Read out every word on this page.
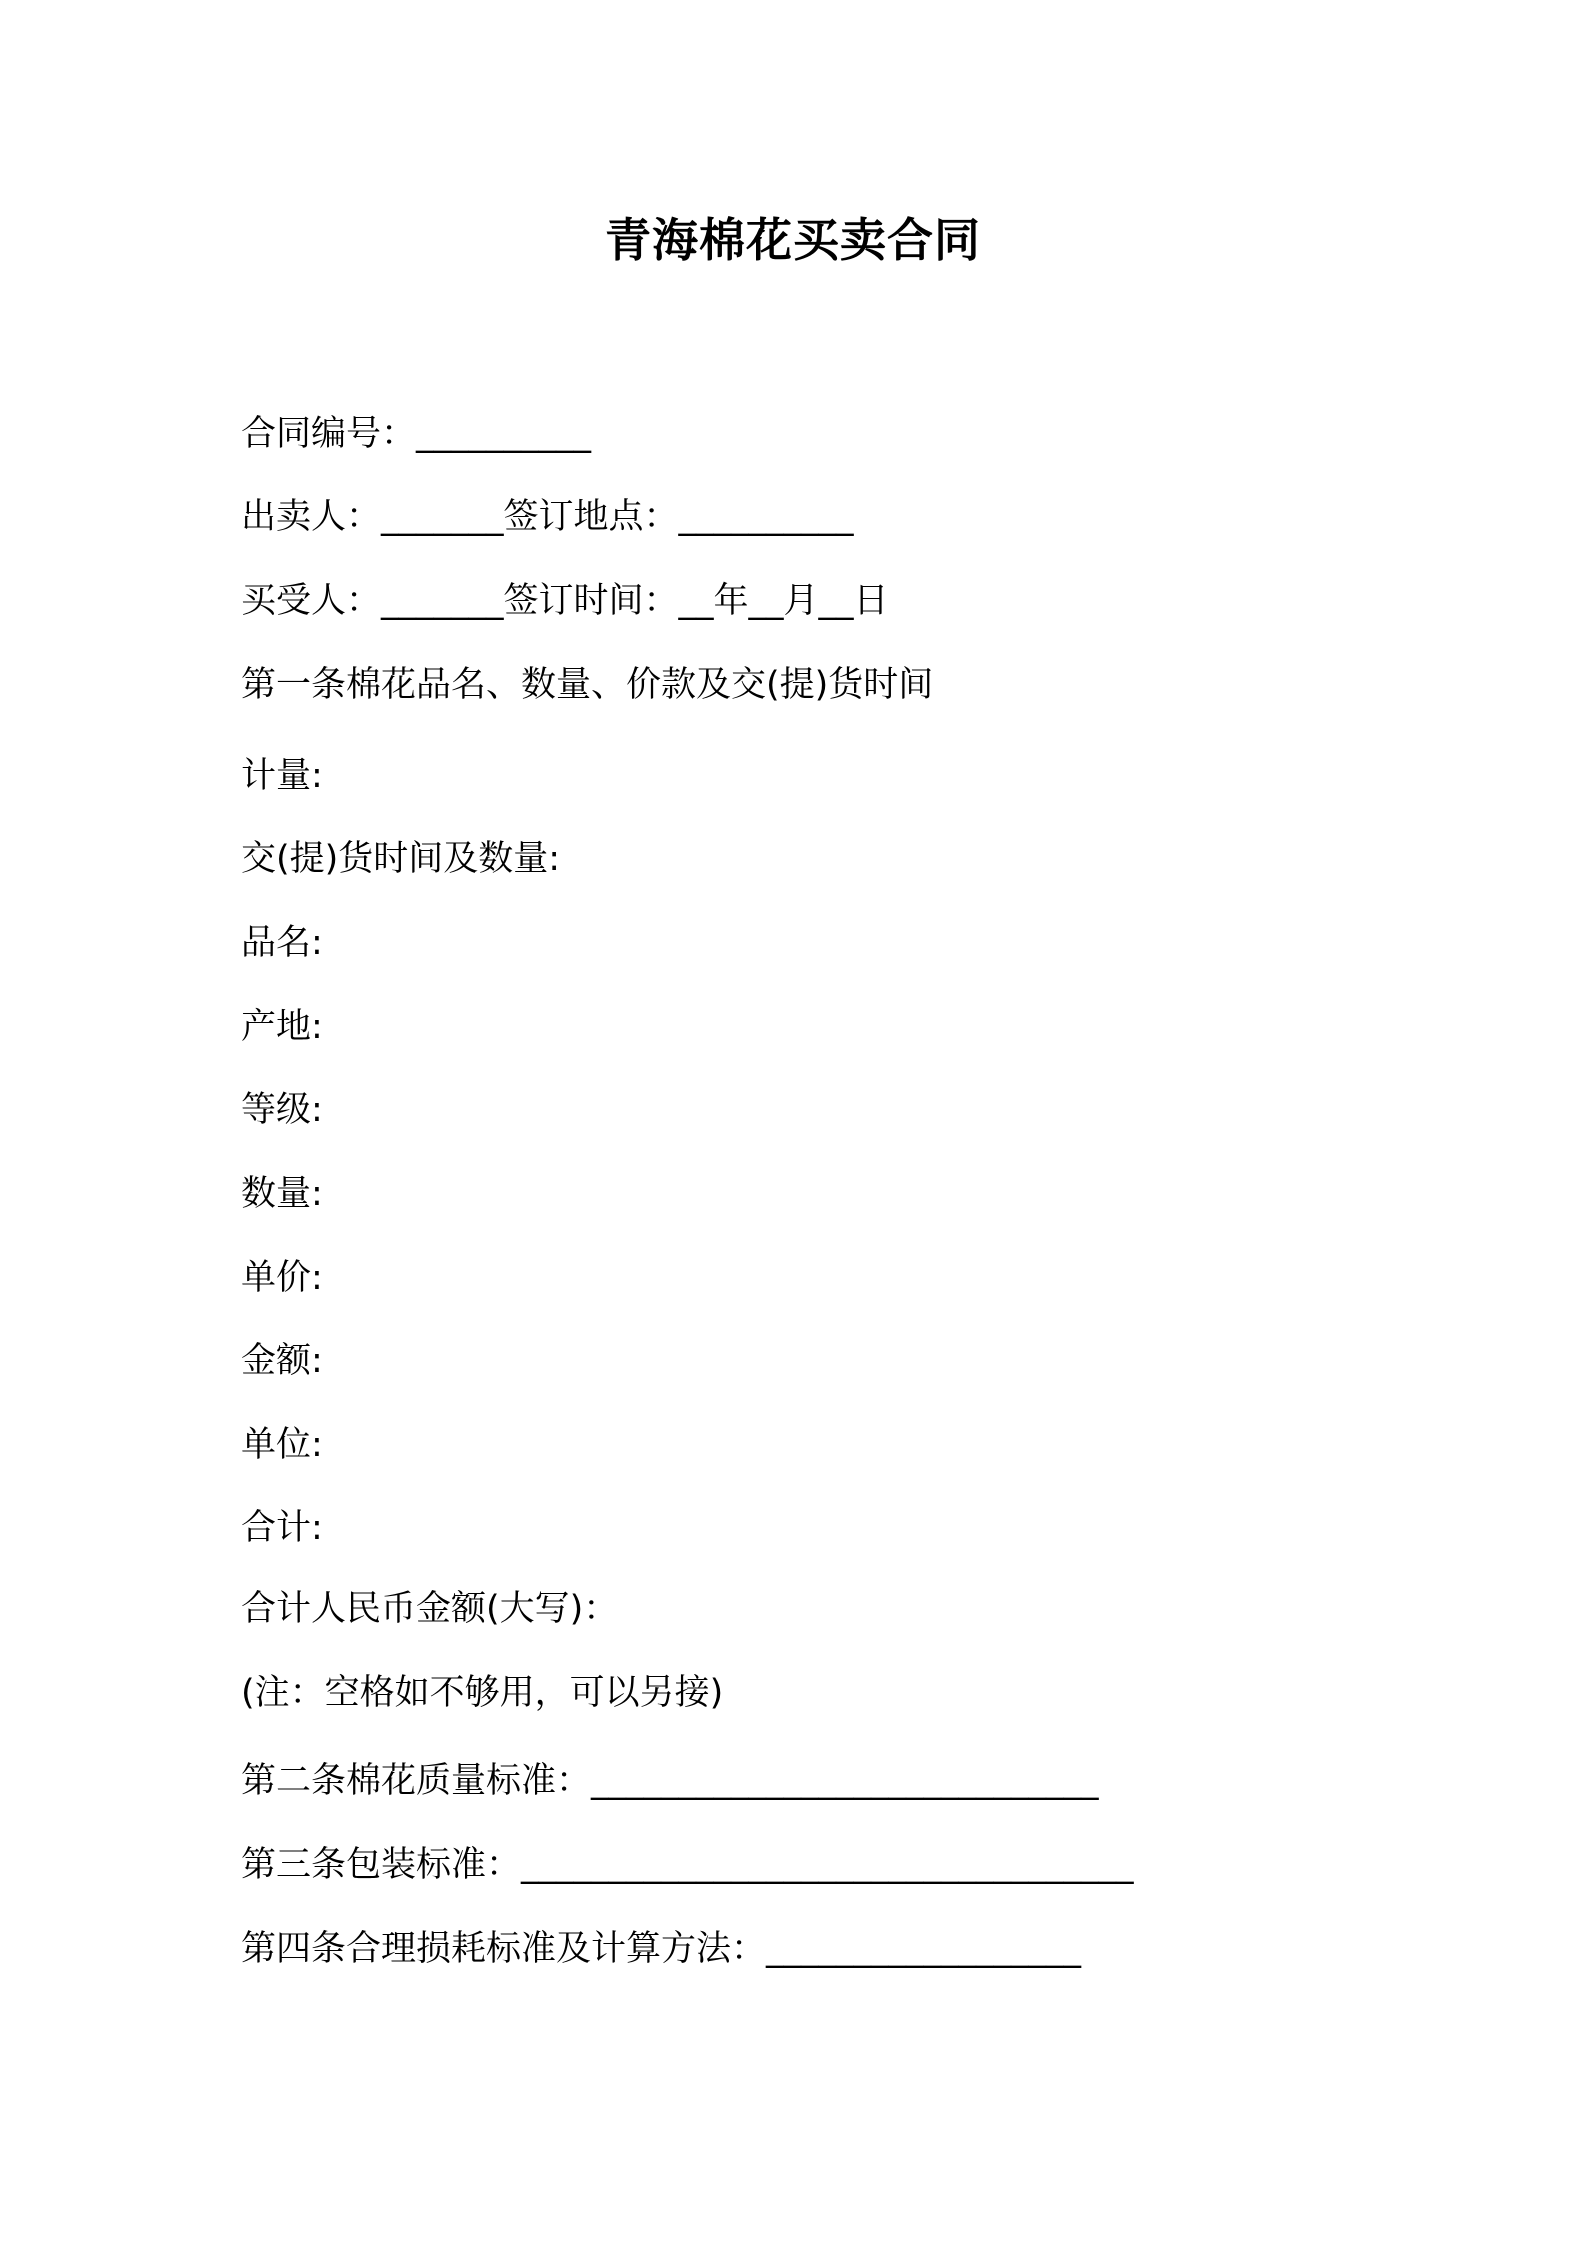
青海棉花买卖合同
合同编号：__________
出卖人：_______签订地点：__________
买受人：_______签订时间：__年__月__日
第一条棉花品名、数量、价款及交(提)货时间
计量:
交(提)货时间及数量:
品名:
产地:
等级:
数量:
单价:
金额:
单位:
合计:
合计人民币金额(大写)：
(注：空格如不够用，可以另接)
第二条棉花质量标准：_____________________________
第三条包装标准：___________________________________
第四条合理损耗标准及计算方法：__________________
